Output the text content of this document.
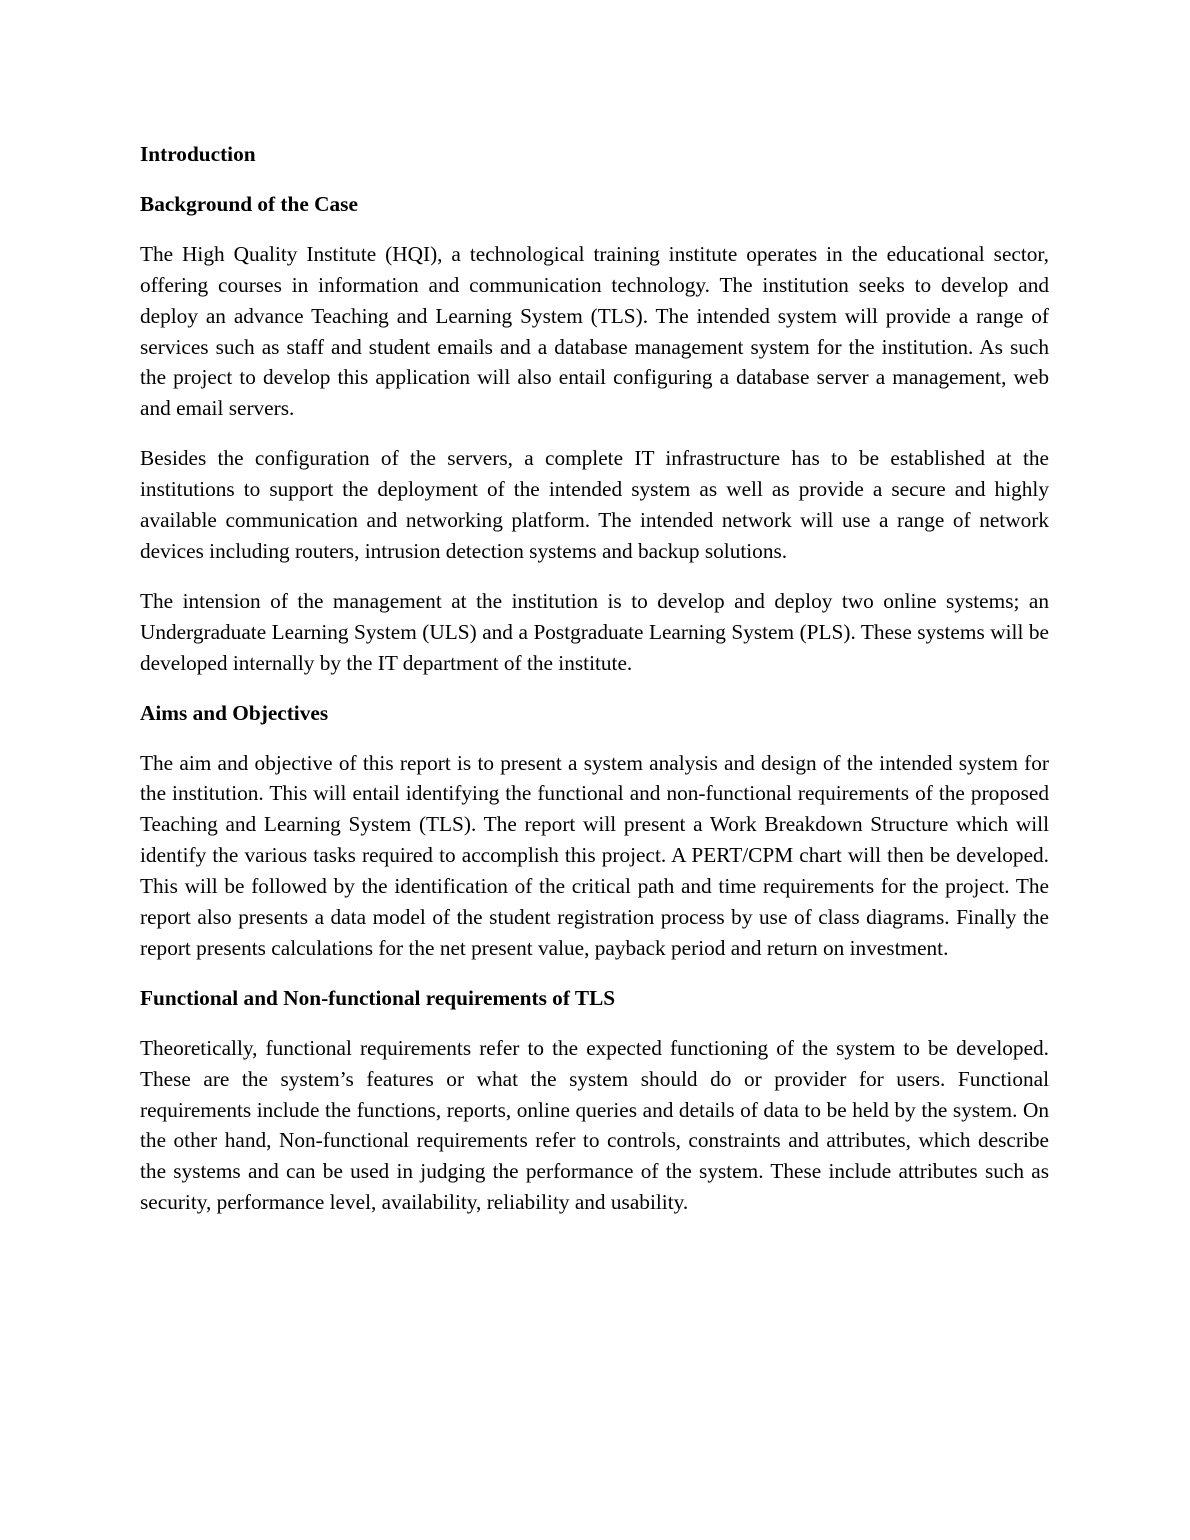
Introduction
Background of the Case
The High Quality Institute (HQI), a technological training institute operates in the educational sector, offering courses in information and communication technology. The institution seeks to develop and deploy an advance Teaching and Learning System (TLS). The intended system will provide a range of services such as staff and student emails and a database management system for the institution. As such the project to develop this application will also entail configuring a database server a management, web and email servers.
Besides the configuration of the servers, a complete IT infrastructure has to be established at the institutions to support the deployment of the intended system as well as provide a secure and highly available communication and networking platform. The intended network will use a range of network devices including routers, intrusion detection systems and backup solutions.
The intension of the management at the institution is to develop and deploy two online systems; an Undergraduate Learning System (ULS) and a Postgraduate Learning System (PLS). These systems will be developed internally by the IT department of the institute.
Aims and Objectives
The aim and objective of this report is to present a system analysis and design of the intended system for the institution. This will entail identifying the functional and non-functional requirements of the proposed Teaching and Learning System (TLS). The report will present a Work Breakdown Structure which will identify the various tasks required to accomplish this project. A PERT/CPM chart will then be developed. This will be followed by the identification of the critical path and time requirements for the project. The report also presents a data model of the student registration process by use of class diagrams. Finally the report presents calculations for the net present value, payback period and return on investment.
Functional and Non-functional requirements of TLS
Theoretically, functional requirements refer to the expected functioning of the system to be developed. These are the system’s features or what the system should do or provider for users. Functional requirements include the functions, reports, online queries and details of data to be held by the system. On the other hand, Non-functional requirements refer to controls, constraints and attributes, which describe the systems and can be used in judging the performance of the system. These include attributes such as security, performance level, availability, reliability and usability.
